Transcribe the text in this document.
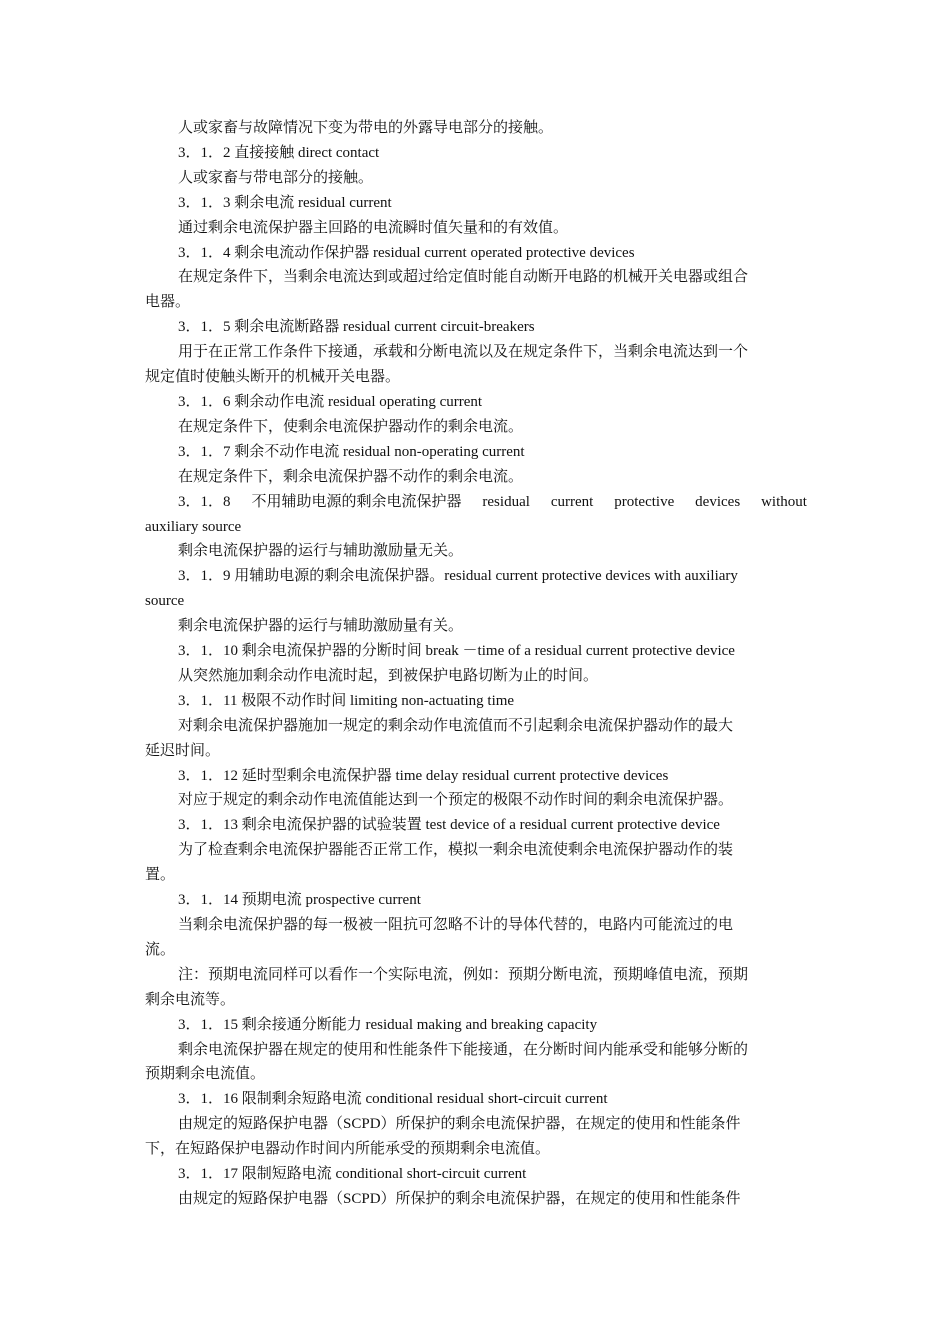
人或家畜与故障情况下变为带电的外露导电部分的接触。
3．1．2 直接接触 direct contact
人或家畜与带电部分的接触。
3．1．3 剩余电流 residual current
通过剩余电流保护器主回路的电流瞬时值矢量和的有效值。
3．1．4 剩余电流动作保护器 residual current operated protective devices
在规定条件下，当剩余电流达到或超过给定值时能自动断开电路的机械开关电器或组合
电器。
3．1．5 剩余电流断路器 residual current circuit-breakers
用于在正常工作条件下接通，承载和分断电流以及在规定条件下，当剩余电流达到一个
规定值时使触头断开的机械开关电器。
3．1．6 剩余动作电流 residual operating current
在规定条件下，使剩余电流保护器动作的剩余电流。
3．1．7 剩余不动作电流 residual non-operating current
在规定条件下，剩余电流保护器不动作的剩余电流。
3．1．8 不用辅助电源的剩余电流保护器 residual current protective devices without
auxiliary source
剩余电流保护器的运行与辅助激励量无关。
3．1．9 用辅助电源的剩余电流保护器。residual current protective devices with auxiliary
source
剩余电流保护器的运行与辅助激励量有关。
3．1．10 剩余电流保护器的分断时间 break －time of a residual current protective device
从突然施加剩余动作电流时起，到被保护电路切断为止的时间。
3．1．11 极限不动作时间 limiting non-actuating time
对剩余电流保护器施加一规定的剩余动作电流值而不引起剩余电流保护器动作的最大
延迟时间。
3．1．12 延时型剩余电流保护器 time delay residual current protective devices
对应于规定的剩余动作电流值能达到一个预定的极限不动作时间的剩余电流保护器。
3．1．13 剩余电流保护器的试验装置 test device of a residual current protective device
为了检查剩余电流保护器能否正常工作，模拟一剩余电流使剩余电流保护器动作的装
置。
3．1．14 预期电流 prospective current
当剩余电流保护器的每一极被一阻抗可忽略不计的导体代替的，电路内可能流过的电
流。
注：预期电流同样可以看作一个实际电流，例如：预期分断电流，预期峰值电流，预期
剩余电流等。
3．1．15 剩余接通分断能力 residual making and breaking capacity
剩余电流保护器在规定的使用和性能条件下能接通，在分断时间内能承受和能够分断的
预期剩余电流值。
3．1．16 限制剩余短路电流 conditional residual short-circuit current
由规定的短路保护电器（SCPD）所保护的剩余电流保护器，在规定的使用和性能条件
下，在短路保护电器动作时间内所能承受的预期剩余电流值。
3．1．17 限制短路电流 conditional short-circuit current
由规定的短路保护电器（SCPD）所保护的剩余电流保护器，在规定的使用和性能条件
